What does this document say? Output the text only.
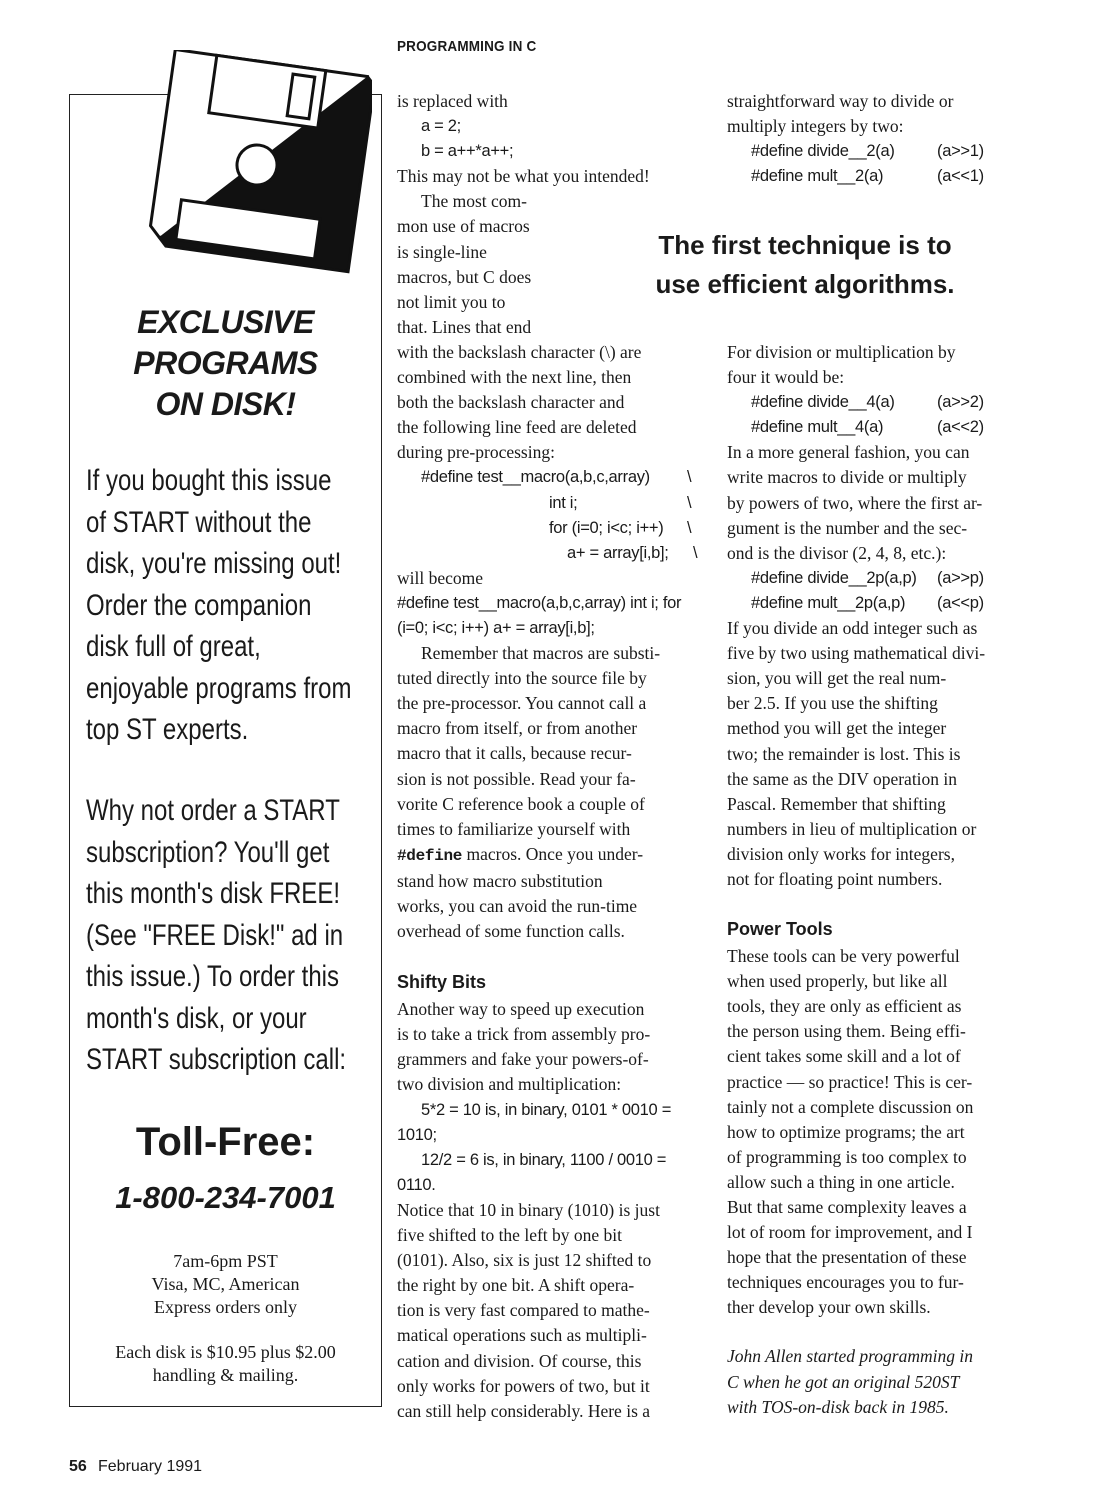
PROGRAMMING IN C
EXCLUSIVE
PROGRAMS
ON DISK!
If you bought this issue
of START without the
disk, you're missing out!
Order the companion
disk full of great,
enjoyable programs from
top ST experts.
Why not order a START
subscription? You'll get
this month's disk FREE!
(See "FREE Disk!" ad in
this issue.) To order this
month's disk, or your
START subscription call:
Toll-Free:
1-800-234-7001
7am-6pm PST
Visa, MC, American
Express orders only
Each disk is $10.95 plus $2.00
handling & mailing.

is replaced with

a = 2;

b = a++*a++;

This may not be what you intended!

The most com-

mon use of macros

is single-line

macros, but C does

not limit you to

that. Lines that end

with the backslash character (\) are

combined with the next line, then

both the backslash character and

the following line feed are deleted

during pre-processing:

#define test__macro(a,b,c,array) \
int i;	\
for (i=0; i<c; i++) \
a+ = array[i,b]; \

will become

#define test__macro(a,b,c,array) int i; for

(i=0; i<c; i++) a+ = array[i,b];

Remember that macros are substi-

tuted directly into the source file by

the pre-processor. You cannot call a

macro from itself, or from another

macro that it calls, because recur-

sion is not possible. Read your fa-

vorite C reference book a couple of

times to familiarize yourself with

#define macros. Once you under-

stand how macro substitution

works, you can avoid the run-time

overhead of some function calls.

Shifty Bits

Another way to speed up execution

is to take a trick from assembly pro-

grammers and fake your powers-of-

two division and multiplication:

5*2 = 10 is, in binary, 0101 * 0010 =

1010;

12/2 = 6 is, in binary, 1100 / 0010 =

0110.

Notice that 10 in binary (1010) is just

five shifted to the left by one bit

(0101). Also, six is just 12 shifted to

the right by one bit. A shift opera-

tion is very fast compared to mathe-

matical operations such as multipli-

cation and division. Of course, this

only works for powers of two, but it

can still help considerably. Here is a

The first technique is to
use efficient algorithms.

straightforward way to divide or

multiply integers by two:

#define divide__2(a)	(a>>1)
#define mult__2(a)	(a<<1)

For division or multiplication by

four it would be:

#define divide__4(a)	(a>>2)
#define mult__4(a)	(a<<2)

In a more general fashion, you can

write macros to divide or multiply

by powers of two, where the first ar-

gument is the number and the sec-

ond is the divisor (2, 4, 8, etc.):

#define divide__2p(a,p) (a>>p)
#define mult__2p(a,p) (a<<p)

If you divide an odd integer such as

five by two using mathematical divi-

sion, you will get the real num-

ber 2.5. If you use the shifting

method you will get the integer

two; the remainder is lost. This is

the same as the DIV operation in

Pascal. Remember that shifting

numbers in lieu of multiplication or

division only works for integers,

not for floating point numbers.

Power Tools

These tools can be very powerful

when used properly, but like all

tools, they are only as efficient as

the person using them. Being effi-

cient takes some skill and a lot of

practice — so practice! This is cer-

tainly not a complete discussion on

how to optimize programs; the art

of programming is too complex to

allow such a thing in one article.

But that same complexity leaves a

lot of room for improvement, and I

hope that the presentation of these

techniques encourages you to fur-

ther develop your own skills.

John Allen started programming in

C when he got an original 520ST

with TOS-on-disk back in 1985.

56 February 1991
